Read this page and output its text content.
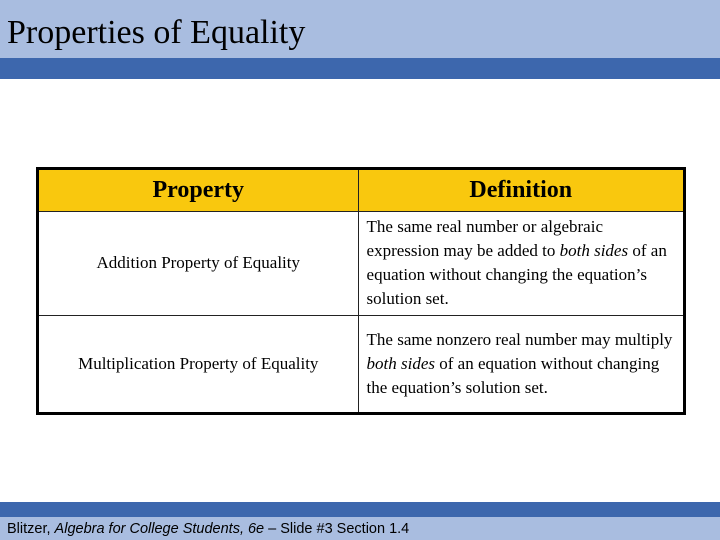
Properties of Equality
Property	Definition
Addition Property of Equality	The same real number or algebraic expression may be added to both sides of an equation without changing the equation’s solution set.
Multiplication Property of Equality	The same nonzero real number may multiply both sides of an equation without changing the equation’s solution set.
Blitzer, Algebra for College Students, 6e – Slide #3 Section 1.4
